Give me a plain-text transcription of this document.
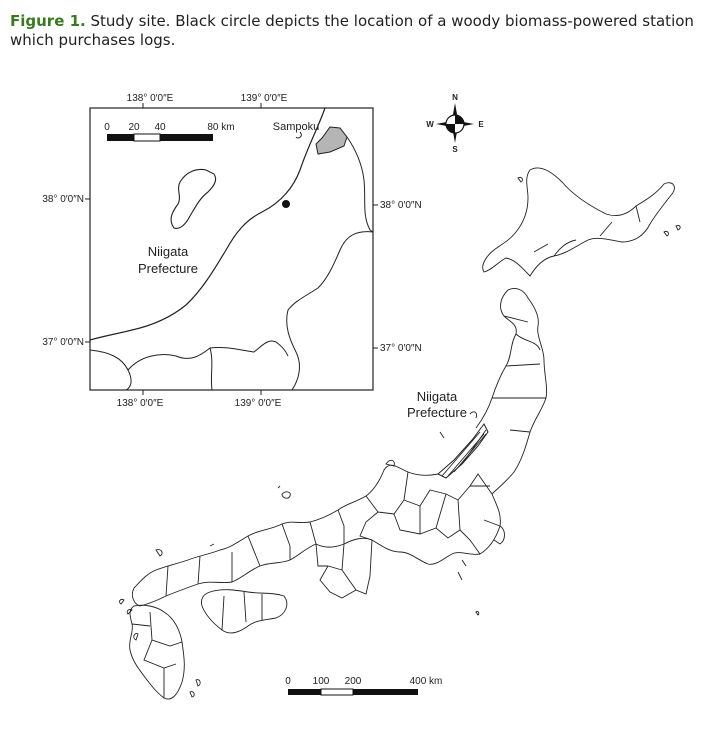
Figure 1. Study site. Black circle depicts the location of a woody biomass-powered station which purchases logs.
138° 0′0″E	139° 0′0″E
138° 0′0″E	139° 0′0″E
38° 0′0″N
37° 0′0″N
38° 0′0″N
37° 0′0″N
0 20 40	80 km	Sampoku
Niigata
Prefecture
N
S
W	E
Niigata
Prefecture
0 100 200	400 km
